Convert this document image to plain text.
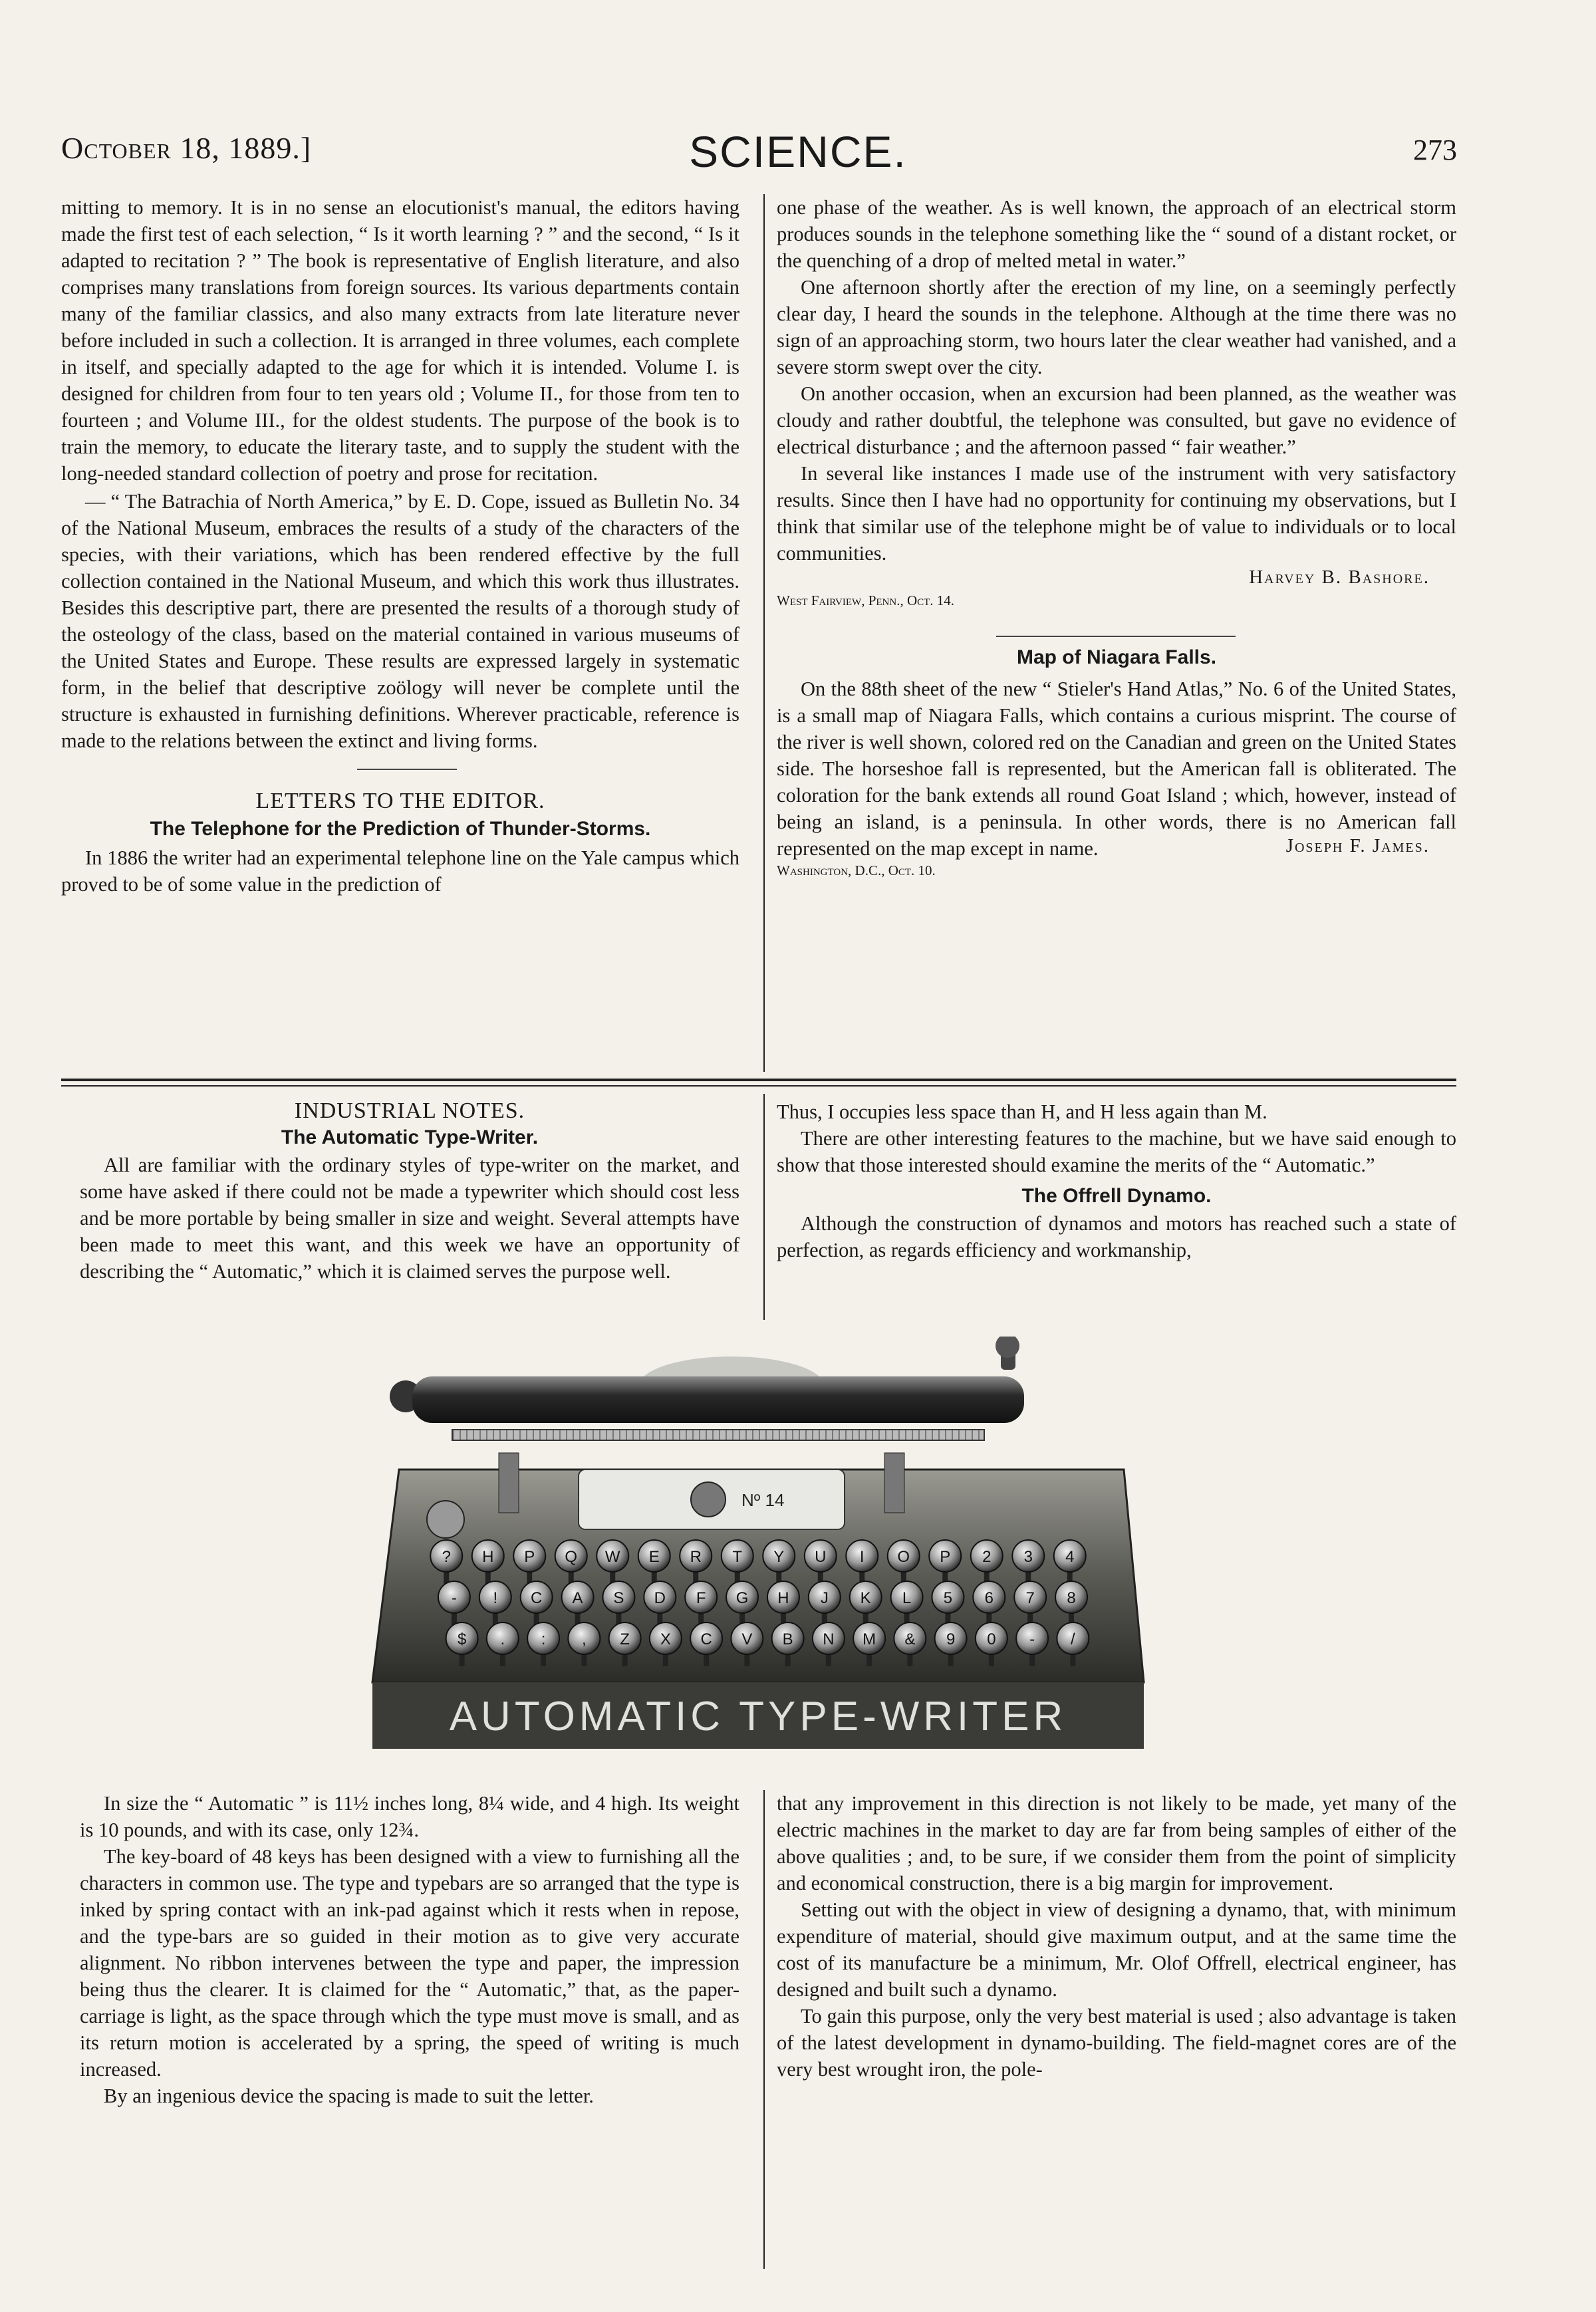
October 18, 1889.]	SCIENCE.	273

mitting to memory. It is in no sense an elocutionist's manual, the editors having made the first test of each selection, “ Is it worth learning ? ” and the second, “ Is it adapted to recitation ? ” The book is representative of English literature, and also comprises many translations from foreign sources. Its various departments contain many of the familiar classics, and also many extracts from late literature never before included in such a collection. It is arranged in three volumes, each complete in itself, and specially adapted to the age for which it is intended. Volume I. is designed for children from four to ten years old ; Volume II., for those from ten to fourteen ; and Volume III., for the oldest students. The purpose of the book is to train the memory, to educate the literary taste, and to supply the student with the long-needed standard collection of poetry and prose for recitation.

— “ The Batrachia of North America,” by E. D. Cope, issued as Bulletin No. 34 of the National Museum, embraces the results of a study of the characters of the species, with their variations, which has been rendered effective by the full collection contained in the National Museum, and which this work thus illustrates. Besides this descriptive part, there are presented the results of a thorough study of the osteology of the class, based on the material contained in various museums of the United States and Europe. These results are expressed largely in systematic form, in the belief that descriptive zoölogy will never be complete until the structure is exhausted in furnishing definitions. Wherever practicable, reference is made to the relations between the extinct and living forms.

LETTERS TO THE EDITOR.

The Telephone for the Prediction of Thunder-Storms.

In 1886 the writer had an experimental telephone line on the Yale campus which proved to be of some value in the prediction of

one phase of the weather. As is well known, the approach of an electrical storm produces sounds in the telephone something like the “ sound of a distant rocket, or the quenching of a drop of melted metal in water.”

One afternoon shortly after the erection of my line, on a seemingly perfectly clear day, I heard the sounds in the telephone. Although at the time there was no sign of an approaching storm, two hours later the clear weather had vanished, and a severe storm swept over the city.

On another occasion, when an excursion had been planned, as the weather was cloudy and rather doubtful, the telephone was consulted, but gave no evidence of electrical disturbance ; and the afternoon passed “ fair weather.”

In several like instances I made use of the instrument with very satisfactory results. Since then I have had no opportunity for continuing my observations, but I think that similar use of the telephone might be of value to individuals or to local communities.

Harvey B. Bashore.

West Fairview, Penn., Oct. 14.

Map of Niagara Falls.

On the 88th sheet of the new “ Stieler's Hand Atlas,” No. 6 of the United States, is a small map of Niagara Falls, which contains a curious misprint. The course of the river is well shown, colored red on the Canadian and green on the United States side. The horseshoe fall is represented, but the American fall is obliterated. The coloration for the bank extends all round Goat Island ; which, however, instead of being an island, is a peninsula. In other words, there is no American fall represented on the map except in name.	Joseph F. James.

Washington, D.C., Oct. 10.

INDUSTRIAL NOTES.

The Automatic Type-Writer.

All are familiar with the ordinary styles of type-writer on the market, and some have asked if there could not be made a typewriter which should cost less and be more portable by being smaller in size and weight. Several attempts have been made to meet this want, and this week we have an opportunity of describing the “ Automatic,” which it is claimed serves the purpose well.

Thus, I occupies less space than H, and H less again than M.

There are other interesting features to the machine, but we have said enough to show that those interested should examine the merits of the “ Automatic.”

The Offrell Dynamo.

Although the construction of dynamos and motors has reached such a state of perfection, as regards efficiency and workmanship,

Nº 14
? H P Q W E R T Y U I O P 2 3 4
- ! C A S D F G H J K L 5 6 7 8
$ . : , Z X C V B N M & 9 0 - /
AUTOMATIC TYPE-WRITER

In size the “ Automatic ” is 11½ inches long, 8¼ wide, and 4 high. Its weight is 10 pounds, and with its case, only 12¾.

The key-board of 48 keys has been designed with a view to furnishing all the characters in common use. The type and typebars are so arranged that the type is inked by spring contact with an ink-pad against which it rests when in repose, and the type-bars are so guided in their motion as to give very accurate alignment. No ribbon intervenes between the type and paper, the impression being thus the clearer. It is claimed for the “ Automatic,” that, as the paper-carriage is light, as the space through which the type must move is small, and as its return motion is accelerated by a spring, the speed of writing is much increased.

By an ingenious device the spacing is made to suit the letter.

that any improvement in this direction is not likely to be made, yet many of the electric machines in the market to day are far from being samples of either of the above qualities ; and, to be sure, if we consider them from the point of simplicity and economical construction, there is a big margin for improvement.

Setting out with the object in view of designing a dynamo, that, with minimum expenditure of material, should give maximum output, and at the same time the cost of its manufacture be a minimum, Mr. Olof Offrell, electrical engineer, has designed and built such a dynamo.

To gain this purpose, only the very best material is used ; also advantage is taken of the latest development in dynamo-building. The field-magnet cores are of the very best wrought iron, the pole-
